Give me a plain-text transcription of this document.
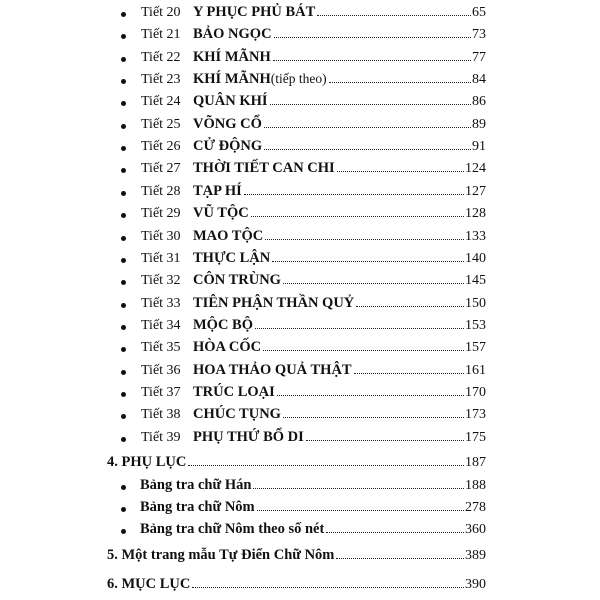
Tiết 20 Y PHỤC PHỦ BÁT	65
Tiết 21 BẢO NGỌC	73
Tiết 22 KHÍ MÃNH	77
Tiết 23 KHÍ MÃNH (tiếp theo)	84
Tiết 24 QUÂN KHÍ	86
Tiết 25 VÕNG CỔ	89
Tiết 26 CỬ ĐỘNG	91
Tiết 27 THỜI TIẾT CAN CHI	124
Tiết 28 TẠP HÍ	127
Tiết 29 VŨ TỘC	128
Tiết 30 MAO TỘC	133
Tiết 31 THỰC LẬN	140
Tiết 32 CÔN TRÙNG	145
Tiết 33 TIÊN PHẬN THẦN QUỶ	150
Tiết 34 MỘC BỘ	153
Tiết 35 HÒA CỐC	157
Tiết 36 HOA THẢO QUẢ THẬT	161
Tiết 37 TRÚC LOẠI	170
Tiết 38 CHÚC TỤNG	173
Tiết 39 PHỤ THỨ BỔ DI	175
4. PHỤ LỤC	187
Bảng tra chữ Hán	188
Bảng tra chữ Nôm	278
Bảng tra chữ Nôm theo số nét	360
5. Một trang mẫu Tự Điển Chữ Nôm	389
6. MỤC LỤC	390
